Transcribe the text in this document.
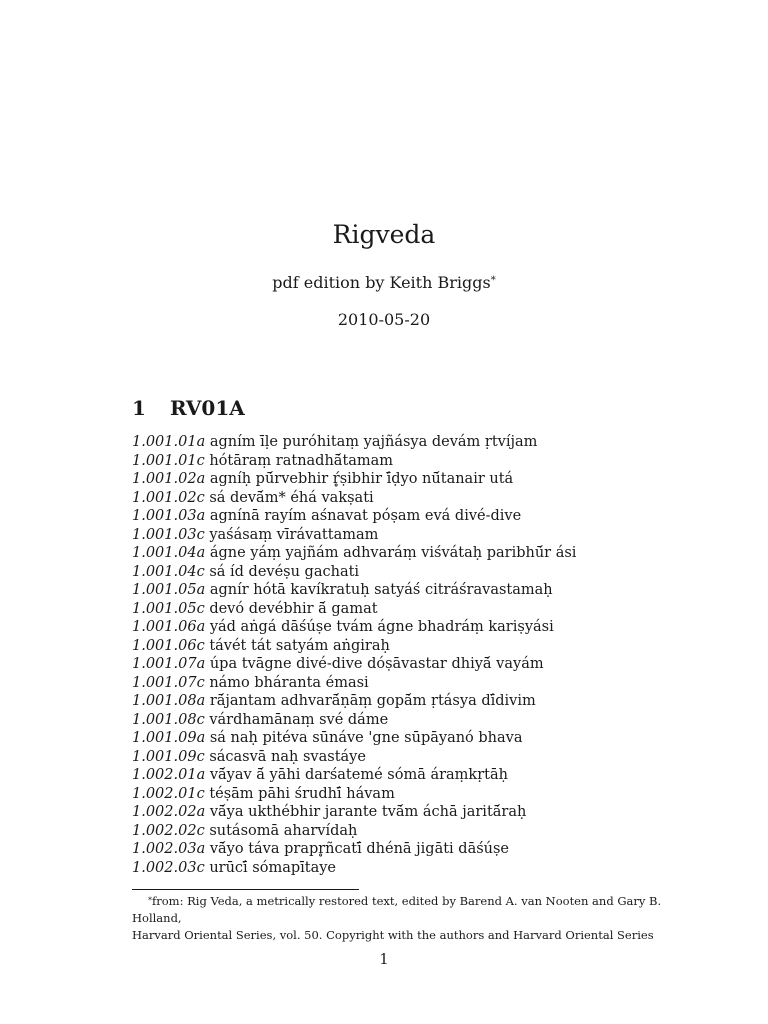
Rigveda
pdf edition by Keith Briggs*
2010-05-20
1 RV01A
1.001.01a agním īḷe puróhitaṃ yajñásya devám ṛtvíjam
1.001.01c hótāraṃ ratnadhā́tamam
1.001.02a agníḥ pū́rvebhir ŕ̥ṣibhir ī́ḍyo nū́tanair utá
1.001.02c sá devā́m* éhá vakṣati
1.001.03a agnínā rayím aśnavat póṣam evá divé-dive
1.001.03c yaśásaṃ vīrávattamam
1.001.04a ágne yáṃ yajñám adhvaráṃ viśvátaḥ paribhū́r ási
1.001.04c sá íd devéṣu gachati
1.001.05a agnír hótā kavíkratuḥ satyáś citráśravastamaḥ
1.001.05c devó devébhir ā́ gamat
1.001.06a yád aṅgá dāśúṣe tvám ágne bhadráṃ kariṣyási
1.001.06c távét tát satyám aṅgiraḥ
1.001.07a úpa tvāgne divé-dive dóṣāvastar dhiyā́ vayám
1.001.07c námo bháranta émasi
1.001.08a rā́jantam adhvarā́ṇāṃ gopā́m ṛtásya dī́divim
1.001.08c várdhamānaṃ své dáme
1.001.09a sá naḥ pitéva sūnáve 'gne sūpāyanó bhava
1.001.09c sácasvā naḥ svastáye
1.002.01a vā́yav ā́ yāhi darśatemé sómā áraṃkṛtāḥ
1.002.01c téṣām pāhi śrudhī́ hávam
1.002.02a vā́ya ukthébhir jarante tvā́m áchā jaritā́raḥ
1.002.02c sutásomā aharvídaḥ
1.002.03a vā́yo táva prapr̥ñcatī́ dhénā jigāti dāśúṣe
1.002.03c urūcī́ sómapītaye
*from: Rig Veda, a metrically restored text, edited by Barend A. van Nooten and Gary B. Holland,
Harvard Oriental Series, vol. 50. Copyright with the authors and Harvard Oriental Series
1
